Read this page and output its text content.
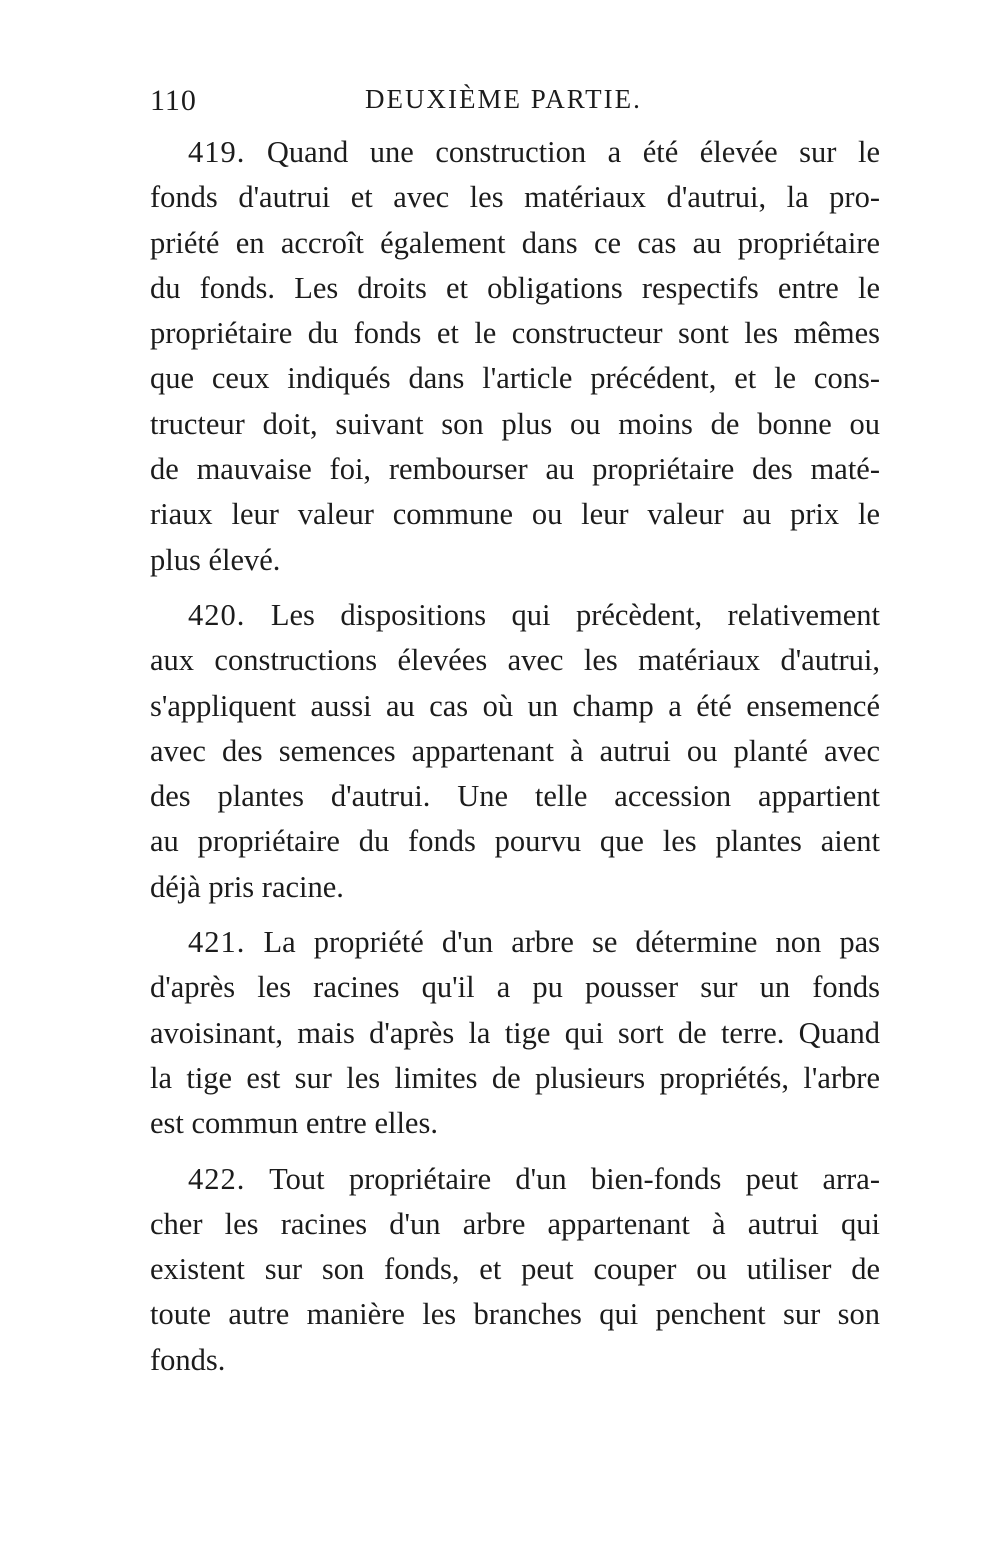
110	DEUXIÈME PARTIE.
419. Quand une construction a été élevée sur le
fonds d'autrui et avec les matériaux d'autrui, la pro-
priété en accroît également dans ce cas au propriétaire
du fonds. Les droits et obligations respectifs entre le
propriétaire du fonds et le constructeur sont les mêmes
que ceux indiqués dans l'article précédent, et le cons-
tructeur doit, suivant son plus ou moins de bonne ou
de mauvaise foi, rembourser au propriétaire des maté-
riaux leur valeur commune ou leur valeur au prix le
plus élevé.
420. Les dispositions qui précèdent, relativement
aux constructions élevées avec les matériaux d'autrui,
s'appliquent aussi au cas où un champ a été ensemencé
avec des semences appartenant à autrui ou planté avec
des plantes d'autrui. Une telle accession appartient
au propriétaire du fonds pourvu que les plantes aient
déjà pris racine.
421. La propriété d'un arbre se détermine non pas
d'après les racines qu'il a pu pousser sur un fonds
avoisinant, mais d'après la tige qui sort de terre. Quand
la tige est sur les limites de plusieurs propriétés, l'arbre
est commun entre elles.
422. Tout propriétaire d'un bien-fonds peut arra-
cher les racines d'un arbre appartenant à autrui qui
existent sur son fonds, et peut couper ou utiliser de
toute autre manière les branches qui penchent sur son
fonds.
